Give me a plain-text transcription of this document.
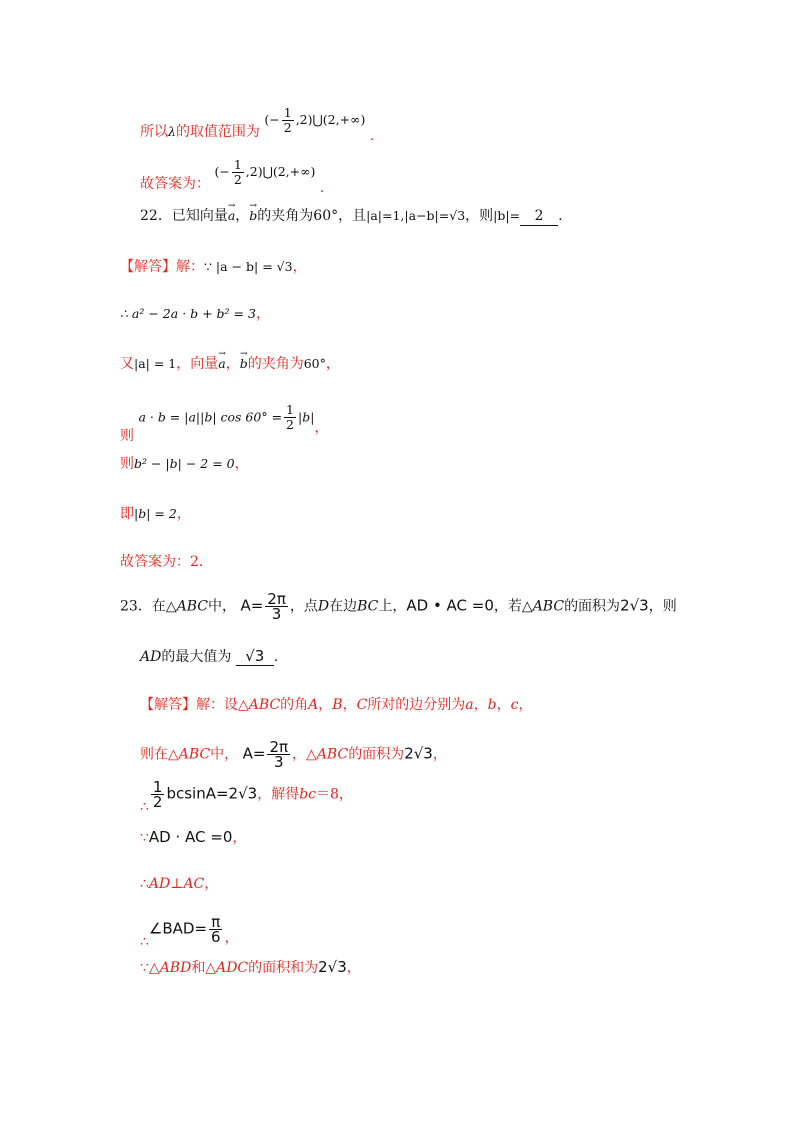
所以λ的取值范围为 (− $\frac{1}{2}$ ,2)⋃(2,+∞) .
故答案为： (− $\frac{1}{2}$ ,2)⋃(2,+∞) .
22．已知向量→ a，→ b的夹角为60°，且|a|=1,|a−b|=√3，则|b|= 2 .
【解答】解：∵ |a − b| = √3，
∴ a² − 2a · b + b² = 3，
又|a| = 1，向量→ a，→ b的夹角为60°，
则 a · b = |a||b| $\cos 60^\circ = \frac{1}{2} |b|$，
则b² − |b| − 2 = 0，
即|b| = 2，
故答案为：2．
23．在△ABC中， $A= \frac{2\pi}{3}$ ，点D在边BC上，AD • AC =0，若△ABC的面积为2√3，则
AD的最大值为 √3 .
【解答】解：设△ABC的角A，B，C所对的边分别为a，b，c，
则在△ABC中， $A= \frac{2\pi}{3}$ ，△ABC的面积为2√3，
∴ $\frac{1}{2} bcsinA=2√3$，解得bc＝8，
∵AD · AC =0，
∴AD⊥AC，
∴∠BAD= $\frac{\pi}{6}$ ，
∵△ABD和△ADC的面积和为2√3，
